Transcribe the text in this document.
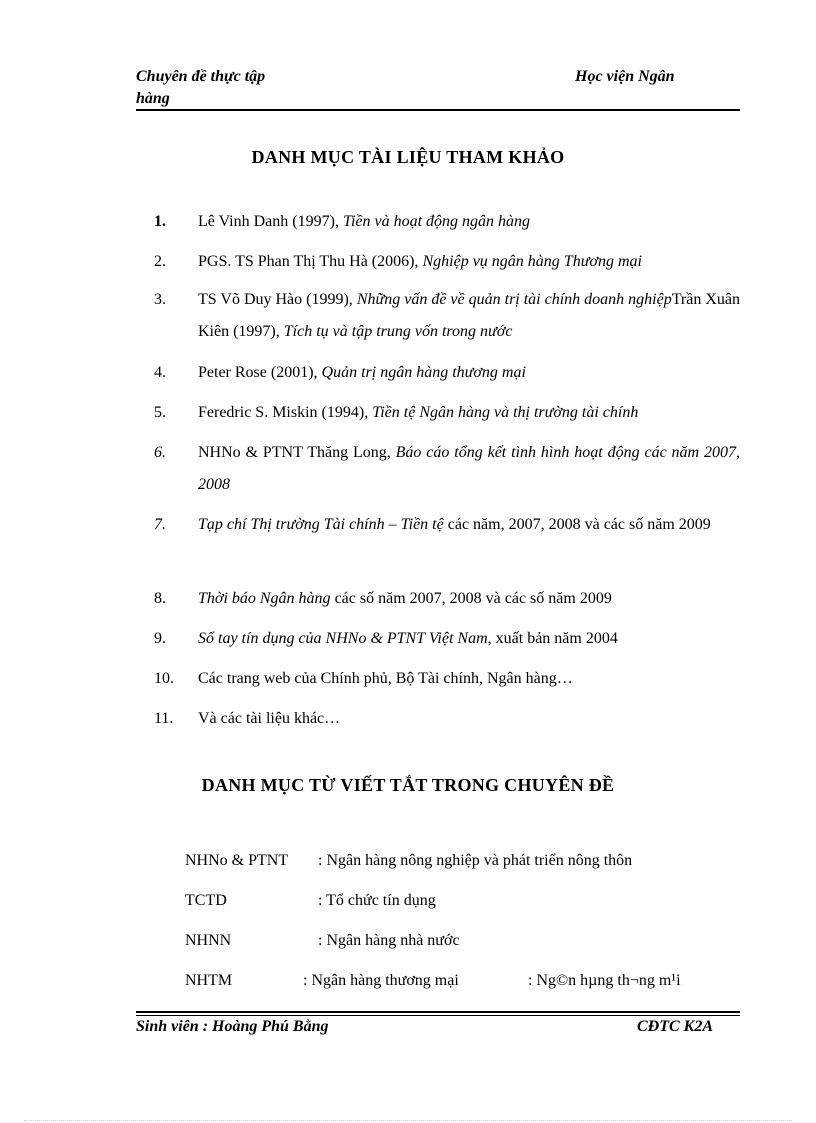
Chuyên đề thực tập
hàng
Học viện Ngân
DANH MỤC TÀI LIỆU THAM KHẢO
1. Lê Vinh Danh (1997), Tiền và hoạt động ngân hàng
2. PGS. TS Phan Thị Thu Hà (2006), Nghiệp vụ ngân hàng Thương mại
3. TS Võ Duy Hào (1999), Những vấn đề về quản trị tài chính doanh nghiệpTrần Xuân Kiên (1997), Tích tụ và tập trung vốn trong nước
4. Peter Rose (2001), Quản trị ngân hàng thương mại
5. Feredric S. Miskin (1994), Tiền tệ Ngân hàng và thị trường tài chính
6. NHNo & PTNT Thăng Long, Báo cáo tổng kết tình hình hoạt động các năm 2007, 2008
7. Tạp chí Thị trường Tài chính – Tiền tệ các năm, 2007, 2008 và các số năm 2009
8. Thời báo Ngân hàng các số năm 2007, 2008 và các số năm 2009
9. Sổ tay tín dụng của NHNo & PTNT Việt Nam, xuất bản năm 2004
10. Các trang web của Chính phủ, Bộ Tài chính, Ngân hàng…
11. Và các tài liệu khác…
DANH MỤC TỪ VIẾT TẮT TRONG CHUYÊN ĐỀ
NHNo & PTNT : Ngân hàng nông nghiệp và phát triển nông thôn
TCTD	: Tổ chức tín dụng
NHNN	: Ngân hàng nhà nước
NHTM	: Ngân hàng thương mại	: Ng©n hµng th¬ng m¹i
Sinh viên : Hoàng Phú Bằng	CĐTC K2A
